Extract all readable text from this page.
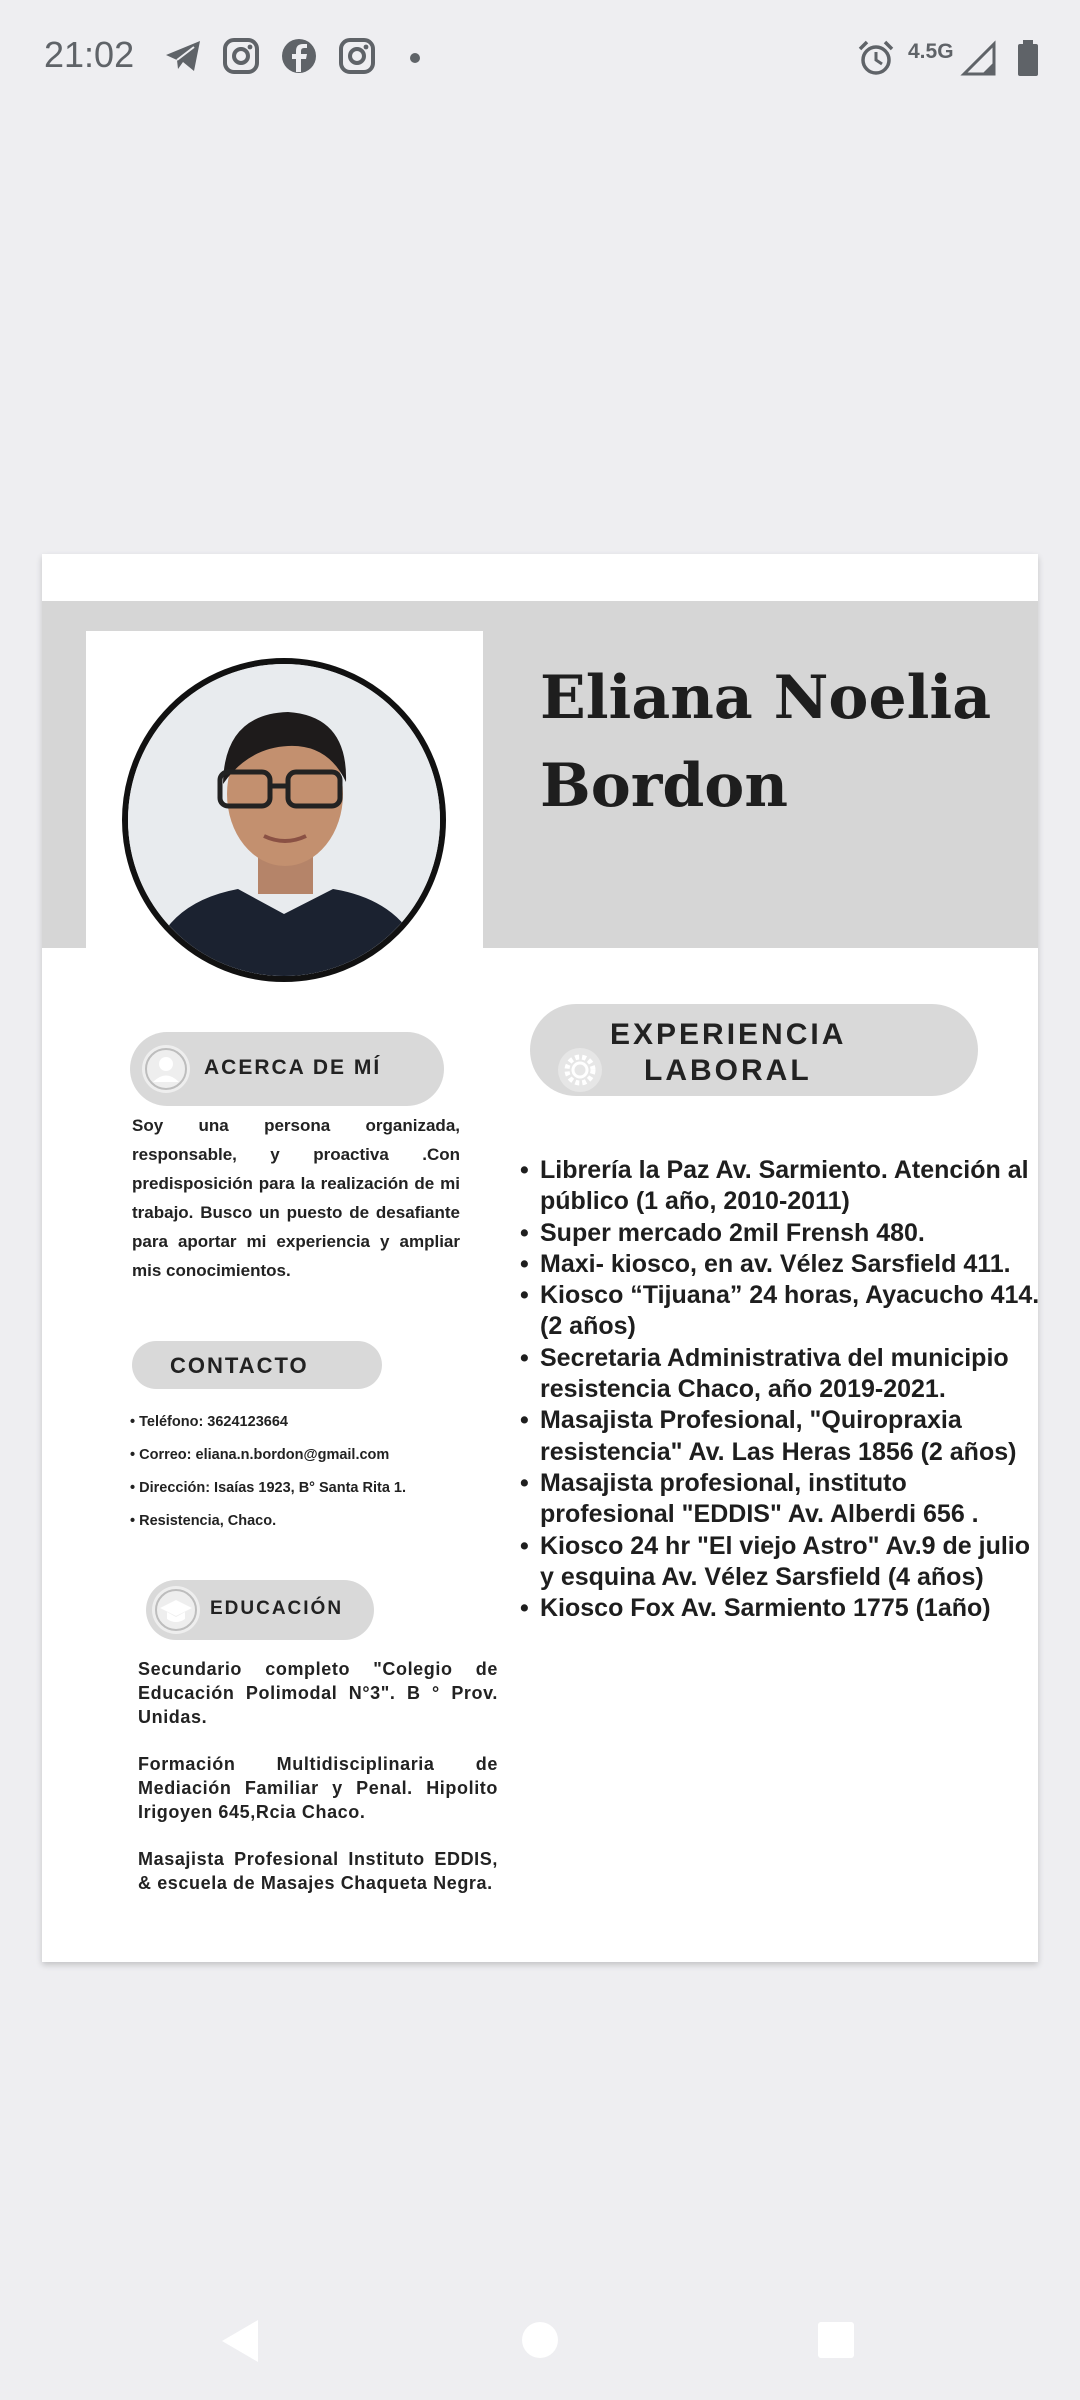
21:02	4.5G
Eliana Noelia
Bordon
ACERCA DE MÍ
Soy una persona organizada, responsable, y proactiva .Con predisposición para la realización de mi trabajo. Busco un puesto de desafiante para aportar mi experiencia y ampliar mis conocimientos.
CONTACTO
• Teléfono: 3624123664
• Correo: eliana.n.bordon@gmail.com
• Dirección: Isaías 1923, B° Santa Rita 1.
• Resistencia, Chaco.
EDUCACIÓN

Secundario completo "Colegio de Educación Polimodal N°3". B ° Prov. Unidas.

Formación Multidisciplinaria de Mediación Familiar y Penal. Hipolito Irigoyen 645,Rcia Chaco.

Masajista Profesional Instituto EDDIS, & escuela de Masajes Chaqueta Negra.

EXPERIENCIA
LABORAL
• Librería la Paz Av. Sarmiento. Atención al público (1 año, 2010-2011)
• Super mercado 2mil Frensh 480.
• Maxi- kiosco, en av. Vélez Sarsfield 411.
• Kiosco “Tijuana” 24 horas, Ayacucho 414. (2 años)
• Secretaria Administrativa del municipio resistencia Chaco, año 2019-2021.
• Masajista Profesional, "Quiropraxia resistencia" Av. Las Heras 1856 (2 años)
• Masajista profesional, instituto profesional "EDDIS" Av. Alberdi 656 .
• Kiosco 24 hr "El viejo Astro" Av.9 de julio y esquina Av. Vélez Sarsfield (4 años)
• Kiosco Fox Av. Sarmiento 1775 (1año)
